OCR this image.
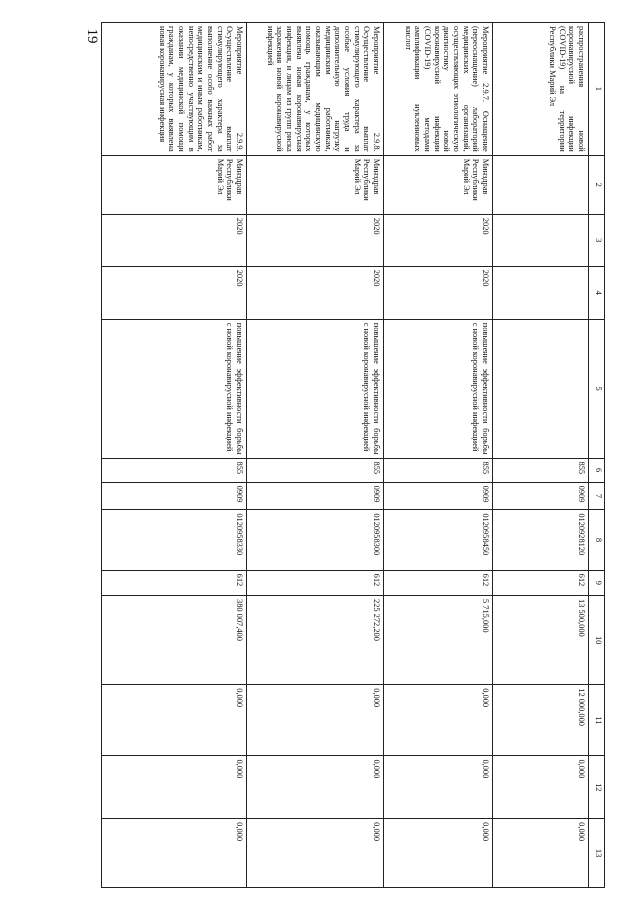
19
1	2	3	4	5	6	7	8	9	10	11	12	13
распространения новой коронавирусной инфекции (COVID-19) на территории Республики Марий Эл					855	0909	0120928120	612	13 500,000	12 000,000	0,000	0,000
Мероприятие 2.9.7. Оснащение (переоснащение) лабораторий медицинских организаций, осуществляющих этиологическую диагностику новой коронавирусной инфекции (COVID-19) методами амплификации нуклеиновых кислот	Минздрав Республики Марий Эл	2020	2020	повышение эффективности борьбы с новой коронавирусной инфекцией	855	0909	0120958450	612	5 715,000	0,000	0,000	0,000
Мероприятие 2.9.8. Осуществление выплат стимулирующего характера за особые условия труда и дополнительную нагрузку медицинским работникам, оказывающим медицинскую помощь гражданам, у которых выявлена новая коронавирусная инфекция, и лицам из групп риска заражения новой коронавирусной инфекцией	Минздрав Республики Марий Эл	2020	2020	повышение эффективности борьбы с новой коронавирусной инфекцией	855	0909	0120958300	612	225 272,200	0,000	0,000	0,000
Мероприятие 2.9.9. Осуществление выплат стимулирующего характера за выполнение особо важных работ медицинским и иным работникам, непосредственно участвующим в оказании медицинской помощи гражданам, у которых выявлена новая коронавирусная инфекция	Минздрав Республики Марий Эл	2020	2020	повышение эффективности борьбы с новой коронавирусной инфекцией	855	0909	0120958330	612	380 007,400	0,000	0,000	0,000
